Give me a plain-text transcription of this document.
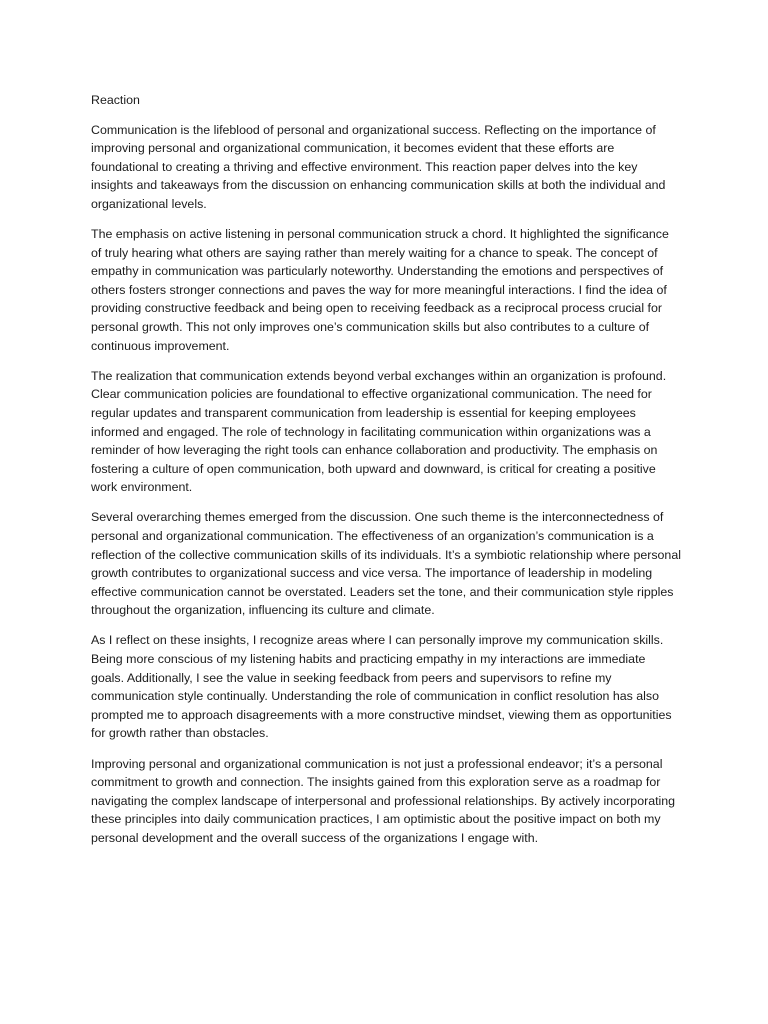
Reaction

Communication is the lifeblood of personal and organizational success. Reflecting on the importance of improving personal and organizational communication, it becomes evident that these efforts are foundational to creating a thriving and effective environment. This reaction paper delves into the key insights and takeaways from the discussion on enhancing communication skills at both the individual and organizational levels.

The emphasis on active listening in personal communication struck a chord. It highlighted the significance of truly hearing what others are saying rather than merely waiting for a chance to speak. The concept of empathy in communication was particularly noteworthy. Understanding the emotions and perspectives of others fosters stronger connections and paves the way for more meaningful interactions. I find the idea of providing constructive feedback and being open to receiving feedback as a reciprocal process crucial for personal growth. This not only improves one’s communication skills but also contributes to a culture of continuous improvement.

The realization that communication extends beyond verbal exchanges within an organization is profound. Clear communication policies are foundational to effective organizational communication. The need for regular updates and transparent communication from leadership is essential for keeping employees informed and engaged. The role of technology in facilitating communication within organizations was a reminder of how leveraging the right tools can enhance collaboration and productivity. The emphasis on fostering a culture of open communication, both upward and downward, is critical for creating a positive work environment.

Several overarching themes emerged from the discussion. One such theme is the interconnectedness of personal and organizational communication. The effectiveness of an organization’s communication is a reflection of the collective communication skills of its individuals. It’s a symbiotic relationship where personal growth contributes to organizational success and vice versa. The importance of leadership in modeling effective communication cannot be overstated. Leaders set the tone, and their communication style ripples throughout the organization, influencing its culture and climate.

As I reflect on these insights, I recognize areas where I can personally improve my communication skills. Being more conscious of my listening habits and practicing empathy in my interactions are immediate goals. Additionally, I see the value in seeking feedback from peers and supervisors to refine my communication style continually. Understanding the role of communication in conflict resolution has also prompted me to approach disagreements with a more constructive mindset, viewing them as opportunities for growth rather than obstacles.

Improving personal and organizational communication is not just a professional endeavor; it’s a personal commitment to growth and connection. The insights gained from this exploration serve as a roadmap for navigating the complex landscape of interpersonal and professional relationships. By actively incorporating these principles into daily communication practices, I am optimistic about the positive impact on both my personal development and the overall success of the organizations I engage with.
